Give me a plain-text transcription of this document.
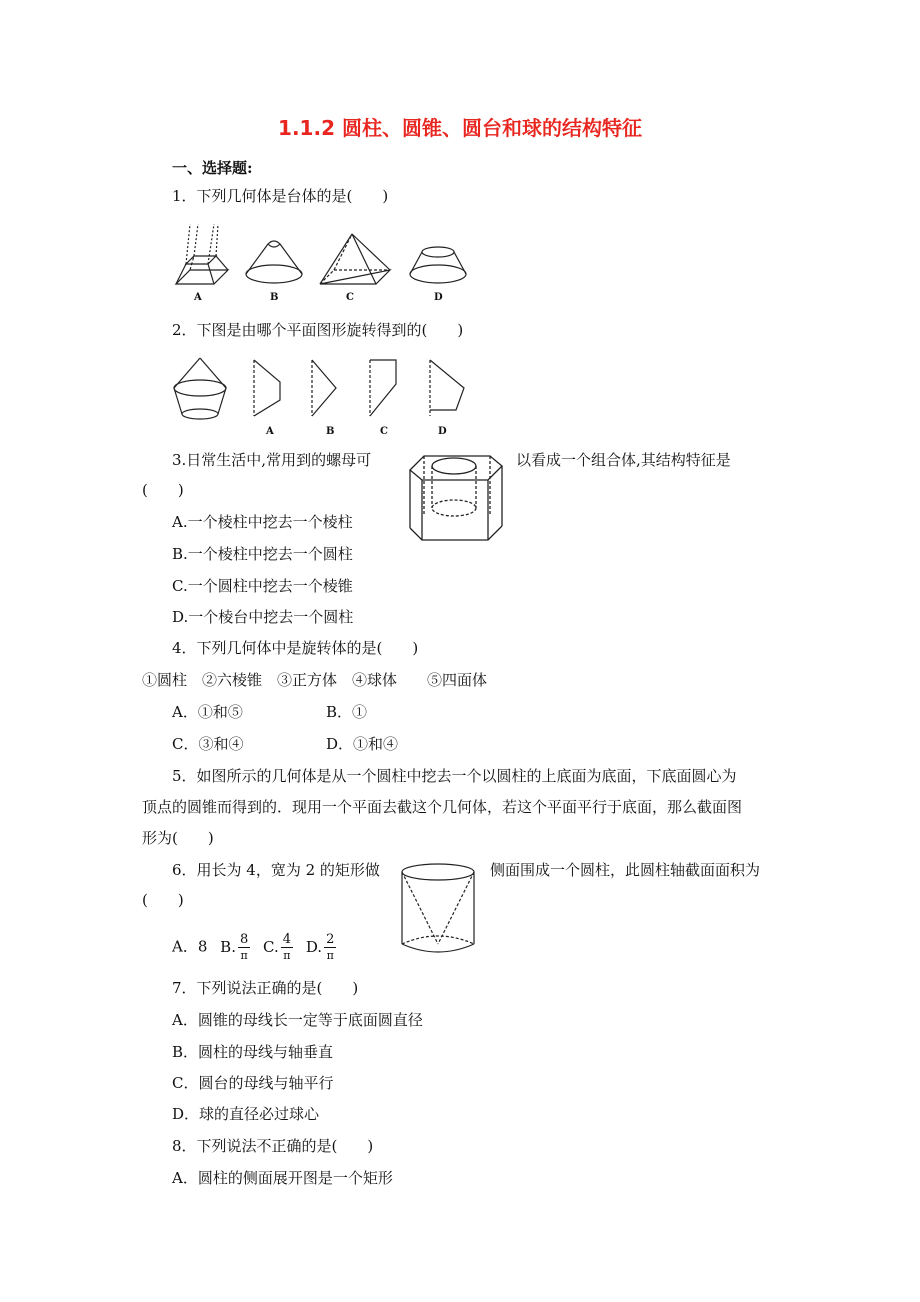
1.1.2 圆柱、圆锥、圆台和球的结构特征
一、选择题:
1．下列几何体是台体的是(　　)
A	B	C	D
2．下图是由哪个平面图形旋转得到的(　　)
A	B	C	D
3.日常生活中,常用到的螺母可	以看成一个组合体,其结构特征是
(　　)
A.一个棱柱中挖去一个棱柱
B.一个棱柱中挖去一个圆柱
C.一个圆柱中挖去一个棱锥
D.一个棱台中挖去一个圆柱
4．下列几何体中是旋转体的是(　　)
①圆柱　②六棱锥　③正方体　④球体　　⑤四面体
A．①和⑤	B．①
C．③和④	D．①和④
5．如图所示的几何体是从一个圆柱中挖去一个以圆柱的上底面为底面，下底面圆心为
顶点的圆锥而得到的．现用一个平面去截这个几何体，若这个平面平行于底面，那么截面图
形为(　　)
6．用长为 4，宽为 2 的矩形做	侧面围成一个圆柱，此圆柱轴截面面积为
(　　)
A．8 B. $\frac{8}{\pi} C$. $\frac{4}{\pi} D$. $\frac{2}{\pi}$
7．下列说法正确的是(　　)
A．圆锥的母线长一定等于底面圆直径
B．圆柱的母线与轴垂直
C．圆台的母线与轴平行
D．球的直径必过球心
8．下列说法不正确的是(　　)
A．圆柱的侧面展开图是一个矩形
